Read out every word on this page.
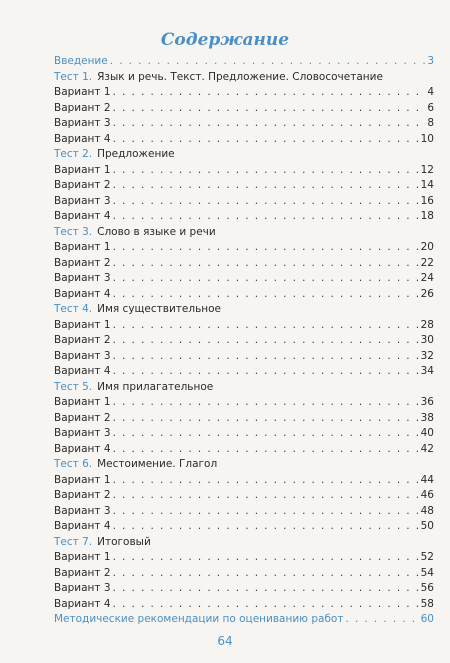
Содержание
Введение . . .	3
Тест 1. Язык и речь. Текст. Предложение. Словосочетание
Вариант 1 . . .	4
Вариант 2 . . .	6
Вариант 3 . . .	8
Вариант 4 . . .	10
Тест 2. Предложение
Вариант 1 . . .	12
Вариант 2 . . .	14
Вариант 3 . . .	16
Вариант 4 . . .	18
Тест 3. Слово в языке и речи
Вариант 1 . . .	20
Вариант 2 . . .	22
Вариант 3 . . .	24
Вариант 4 . . .	26
Тест 4. Имя существительное
Вариант 1 . . .	28
Вариант 2 . . .	30
Вариант 3 . . .	32
Вариант 4 . . .	34
Тест 5. Имя прилагательное
Вариант 1 . . .	36
Вариант 2 . . .	38
Вариант 3 . . .	40
Вариант 4 . . .	42
Тест 6. Местоимение. Глагол
Вариант 1 . . .	44
Вариант 2 . . .	46
Вариант 3 . . .	48
Вариант 4 . . .	50
Тест 7. Итоговый
Вариант 1 . . .	52
Вариант 2 . . .	54
Вариант 3 . . .	56
Вариант 4 . . .	58
Методические рекомендации по оцениванию работ . . .	60
64
